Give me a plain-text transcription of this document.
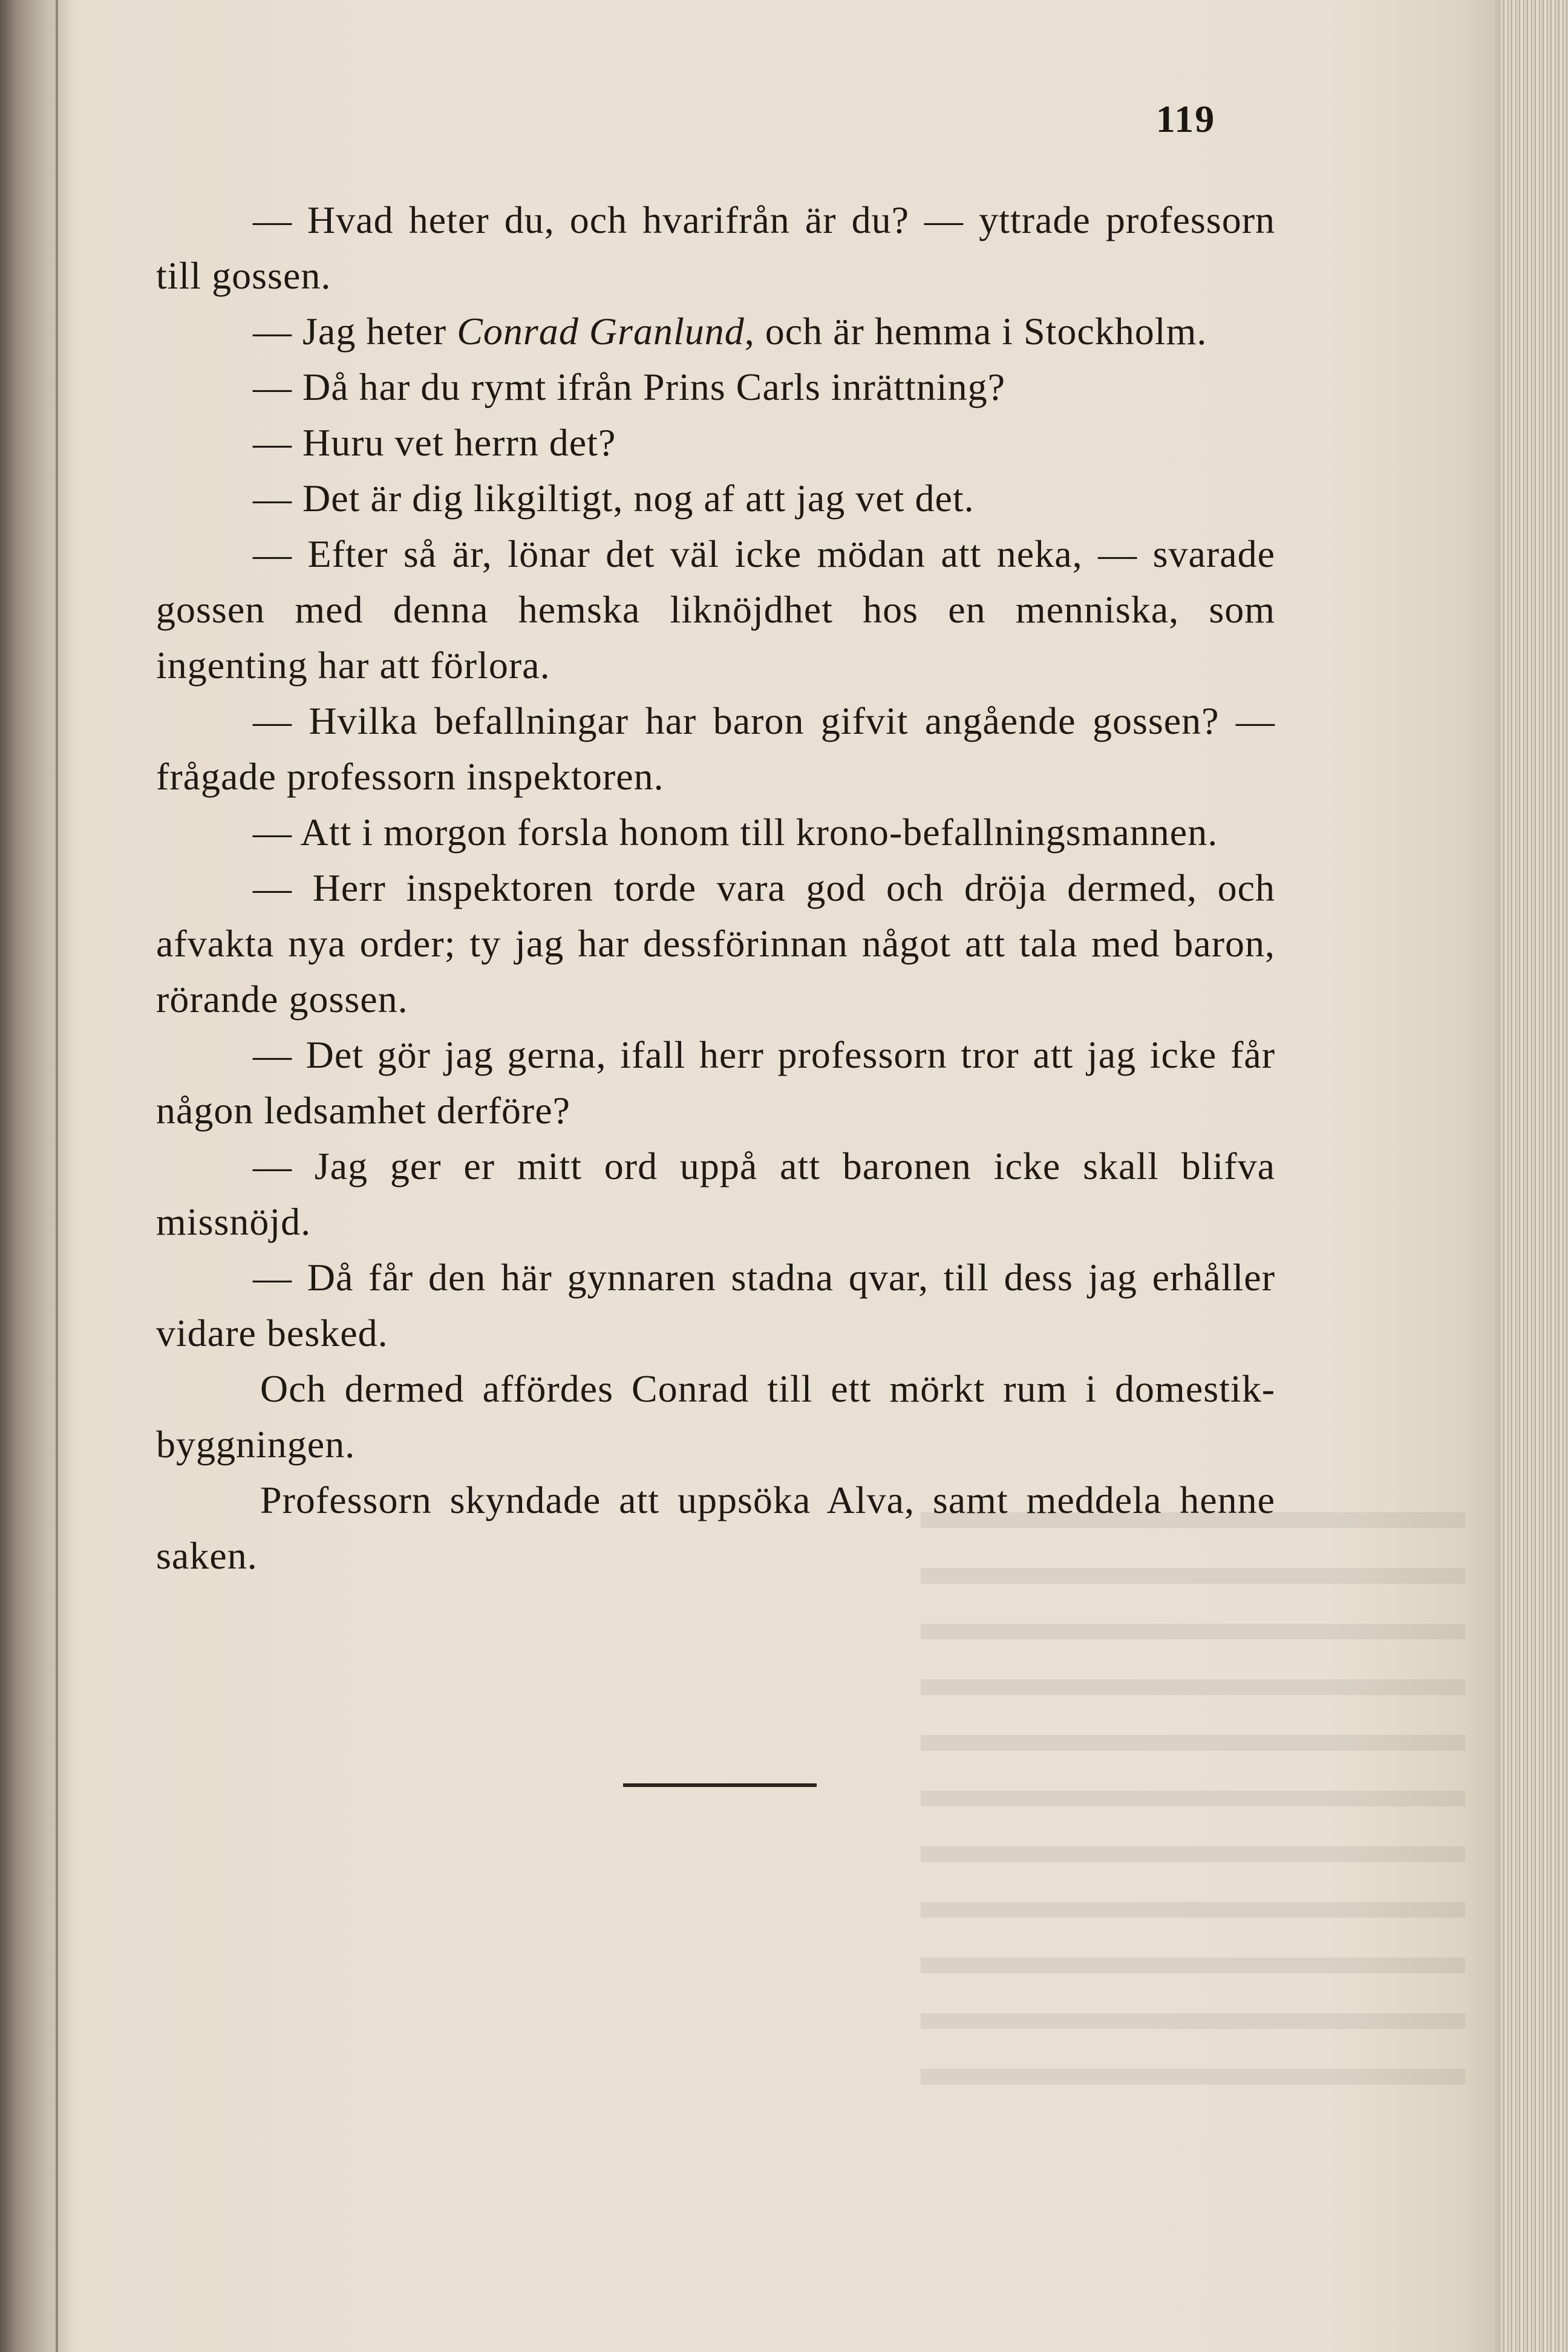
119

— Hvad heter du, och hvarifrån är du? — yttrade professorn till gossen.

— Jag heter Conrad Granlund, och är hemma i Stockholm.

— Då har du rymt ifrån Prins Carls inrättning?

— Huru vet herrn det?

— Det är dig likgiltigt, nog af att jag vet det.

— Efter så är, lönar det väl icke mödan att neka, — svarade gossen med denna hemska liknöjdhet hos en menniska, som ingenting har att förlora.

— Hvilka befallningar har baron gifvit angående gossen? — frågade professorn inspektoren.

— Att i morgon forsla honom till krono-befallningsmannen.

— Herr inspektoren torde vara god och dröja dermed, och afvakta nya order; ty jag har dessförinnan något att tala med baron, rörande gossen.

— Det gör jag gerna, ifall herr professorn tror att jag icke får någon ledsamhet derföre?

— Jag ger er mitt ord uppå att baronen icke skall blifva missnöjd.

— Då får den här gynnaren stadna qvar, till dess jag erhåller vidare besked.

Och dermed affördes Conrad till ett mörkt rum i domestik-byggningen.

Professorn skyndade att uppsöka Alva, samt meddela henne saken.
